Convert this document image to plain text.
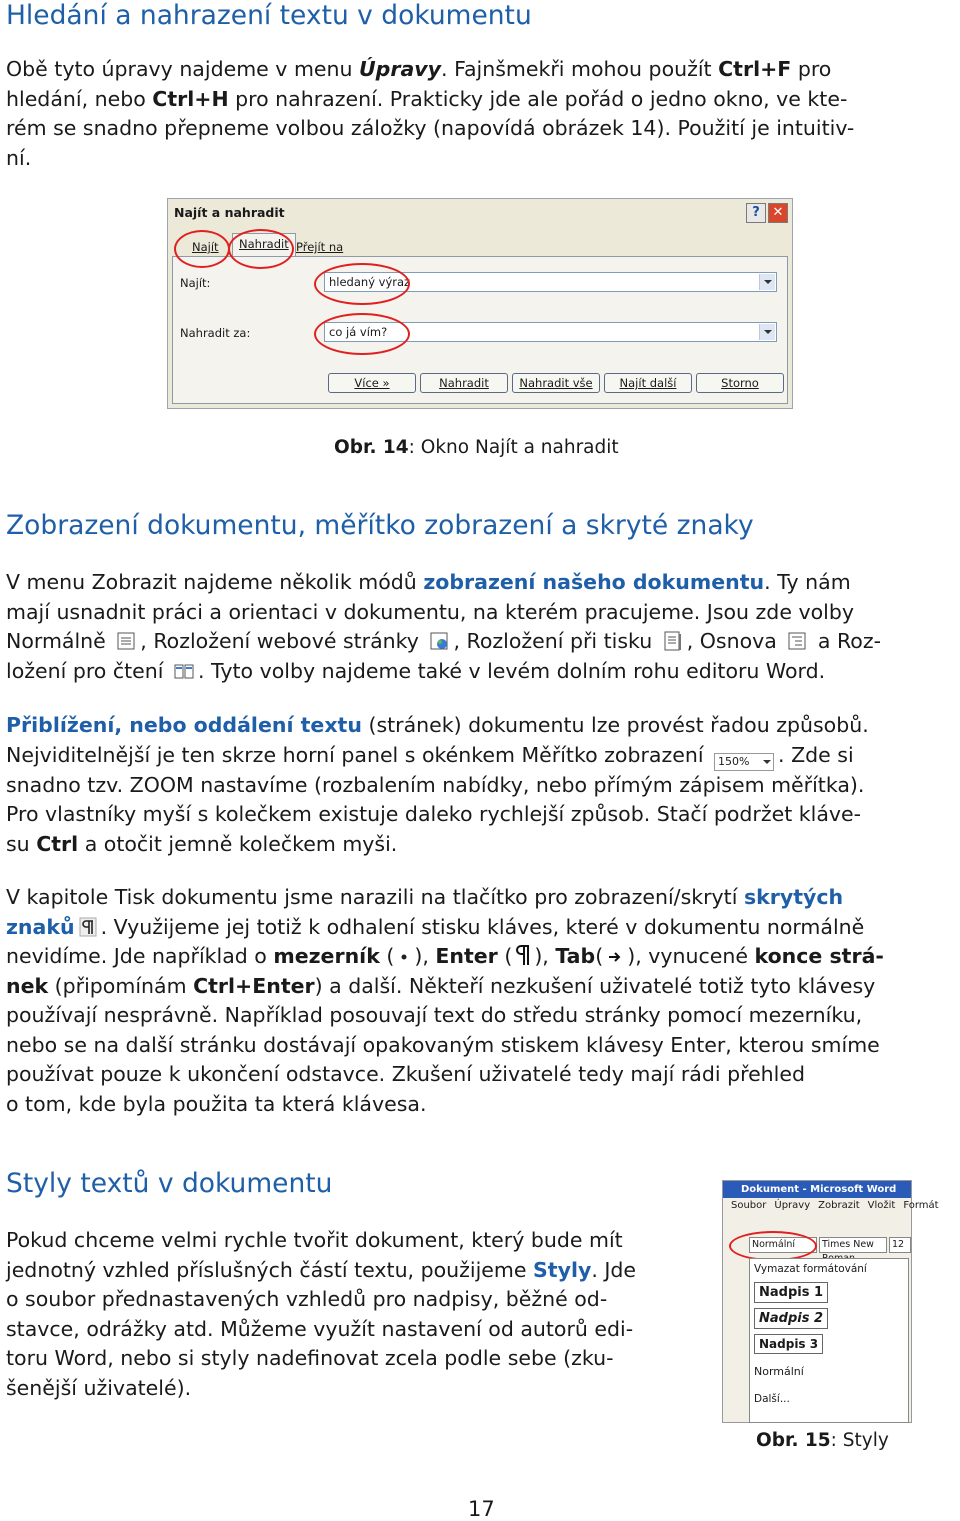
Hledání a nahrazení textu v dokumentu

Obě tyto úpravy najdeme v menu Úpravy. Fajnšmekři mohou použít Ctrl+F pro
hledání, nebo Ctrl+H pro nahrazení. Prakticky jde ale pořád o jedno okno, ve kte-
rém se snadno přepneme volbou záložky (napovídá obrázek 14). Použití je intuitiv-
ní.

Najít a nahradit	? ✕
Najít	Nahradit Přejít na
Najít:	hledaný výraz
Nahradit za:	co já vím?
Více »	Nahradit	Nahradit vše	Najít další	Storno
Obr. 14: Okno Najít a nahradit
Zobrazení dokumentu, měřítko zobrazení a skryté znaky

V menu Zobrazit najdeme několik módů zobrazení našeho dokumentu. Ty nám
mají usnadnit práci a orientaci v dokumentu, na kterém pracujeme. Jsou zde volby
Normálně , Rozložení webové stránky , Rozložení při tisku , Osnova  a Roz-
ložení pro čtení . Tyto volby najdeme také v levém dolním rohu editoru Word.

Přiblížení, nebo oddálení textu (stránek) dokumentu lze provést řadou způsobů.
Nejviditelnější je ten skrze horní panel s okénkem Měřítko zobrazení 150% . Zde si
snadno tzv. ZOOM nastavíme (rozbalením nabídky, nebo přímým zápisem měřítka).
Pro vlastníky myší s kolečkem existuje daleko rychlejší způsob. Stačí podržet kláve-
su Ctrl a otočit jemně kolečkem myši.

V kapitole Tisk dokumentu jsme narazili na tlačítko pro zobrazení/skrytí skrytých
znaků . Využijeme jej totiž k odhalení stisku kláves, které v dokumentu normálně
nevidíme. Jde například o mezerník ( ), Enter ( ), Tab( ), vynucené konce strá-
nek (připomínám Ctrl+Enter) a další. Někteří nezkušení uživatelé totiž tyto klávesy
používají nesprávně. Například posouvají text do středu stránky pomocí mezerníku,
nebo se na další stránku dostávají opakovaným stiskem klávesy Enter, kterou smíme
používat pouze k ukončení odstavce. Zkušení uživatelé tedy mají rádi přehled
o tom, kde byla použita ta která klávesa.

Styly textů v dokumentu

Pokud chceme velmi rychle tvořit dokument, který bude mít
jednotný vzhled příslušných částí textu, použijeme Styly. Jde
o soubor přednastavených vzhledů pro nadpisy, běžné od-
stavce, odrážky atd. Můžeme využít nastavení od autorů edi-
toru Word, nebo si styly nadefinovat zcela podle sebe (zku-
šenější uživatelé).

Dokument - Microsoft Word
Soubor Úpravy Zobrazit Vložit Formát
Normální	Times New	12
Vymazat formátování
Nadpis 1
Nadpis 2
Nadpis 3
Normální
Další...
Obr. 15: Styly
17
